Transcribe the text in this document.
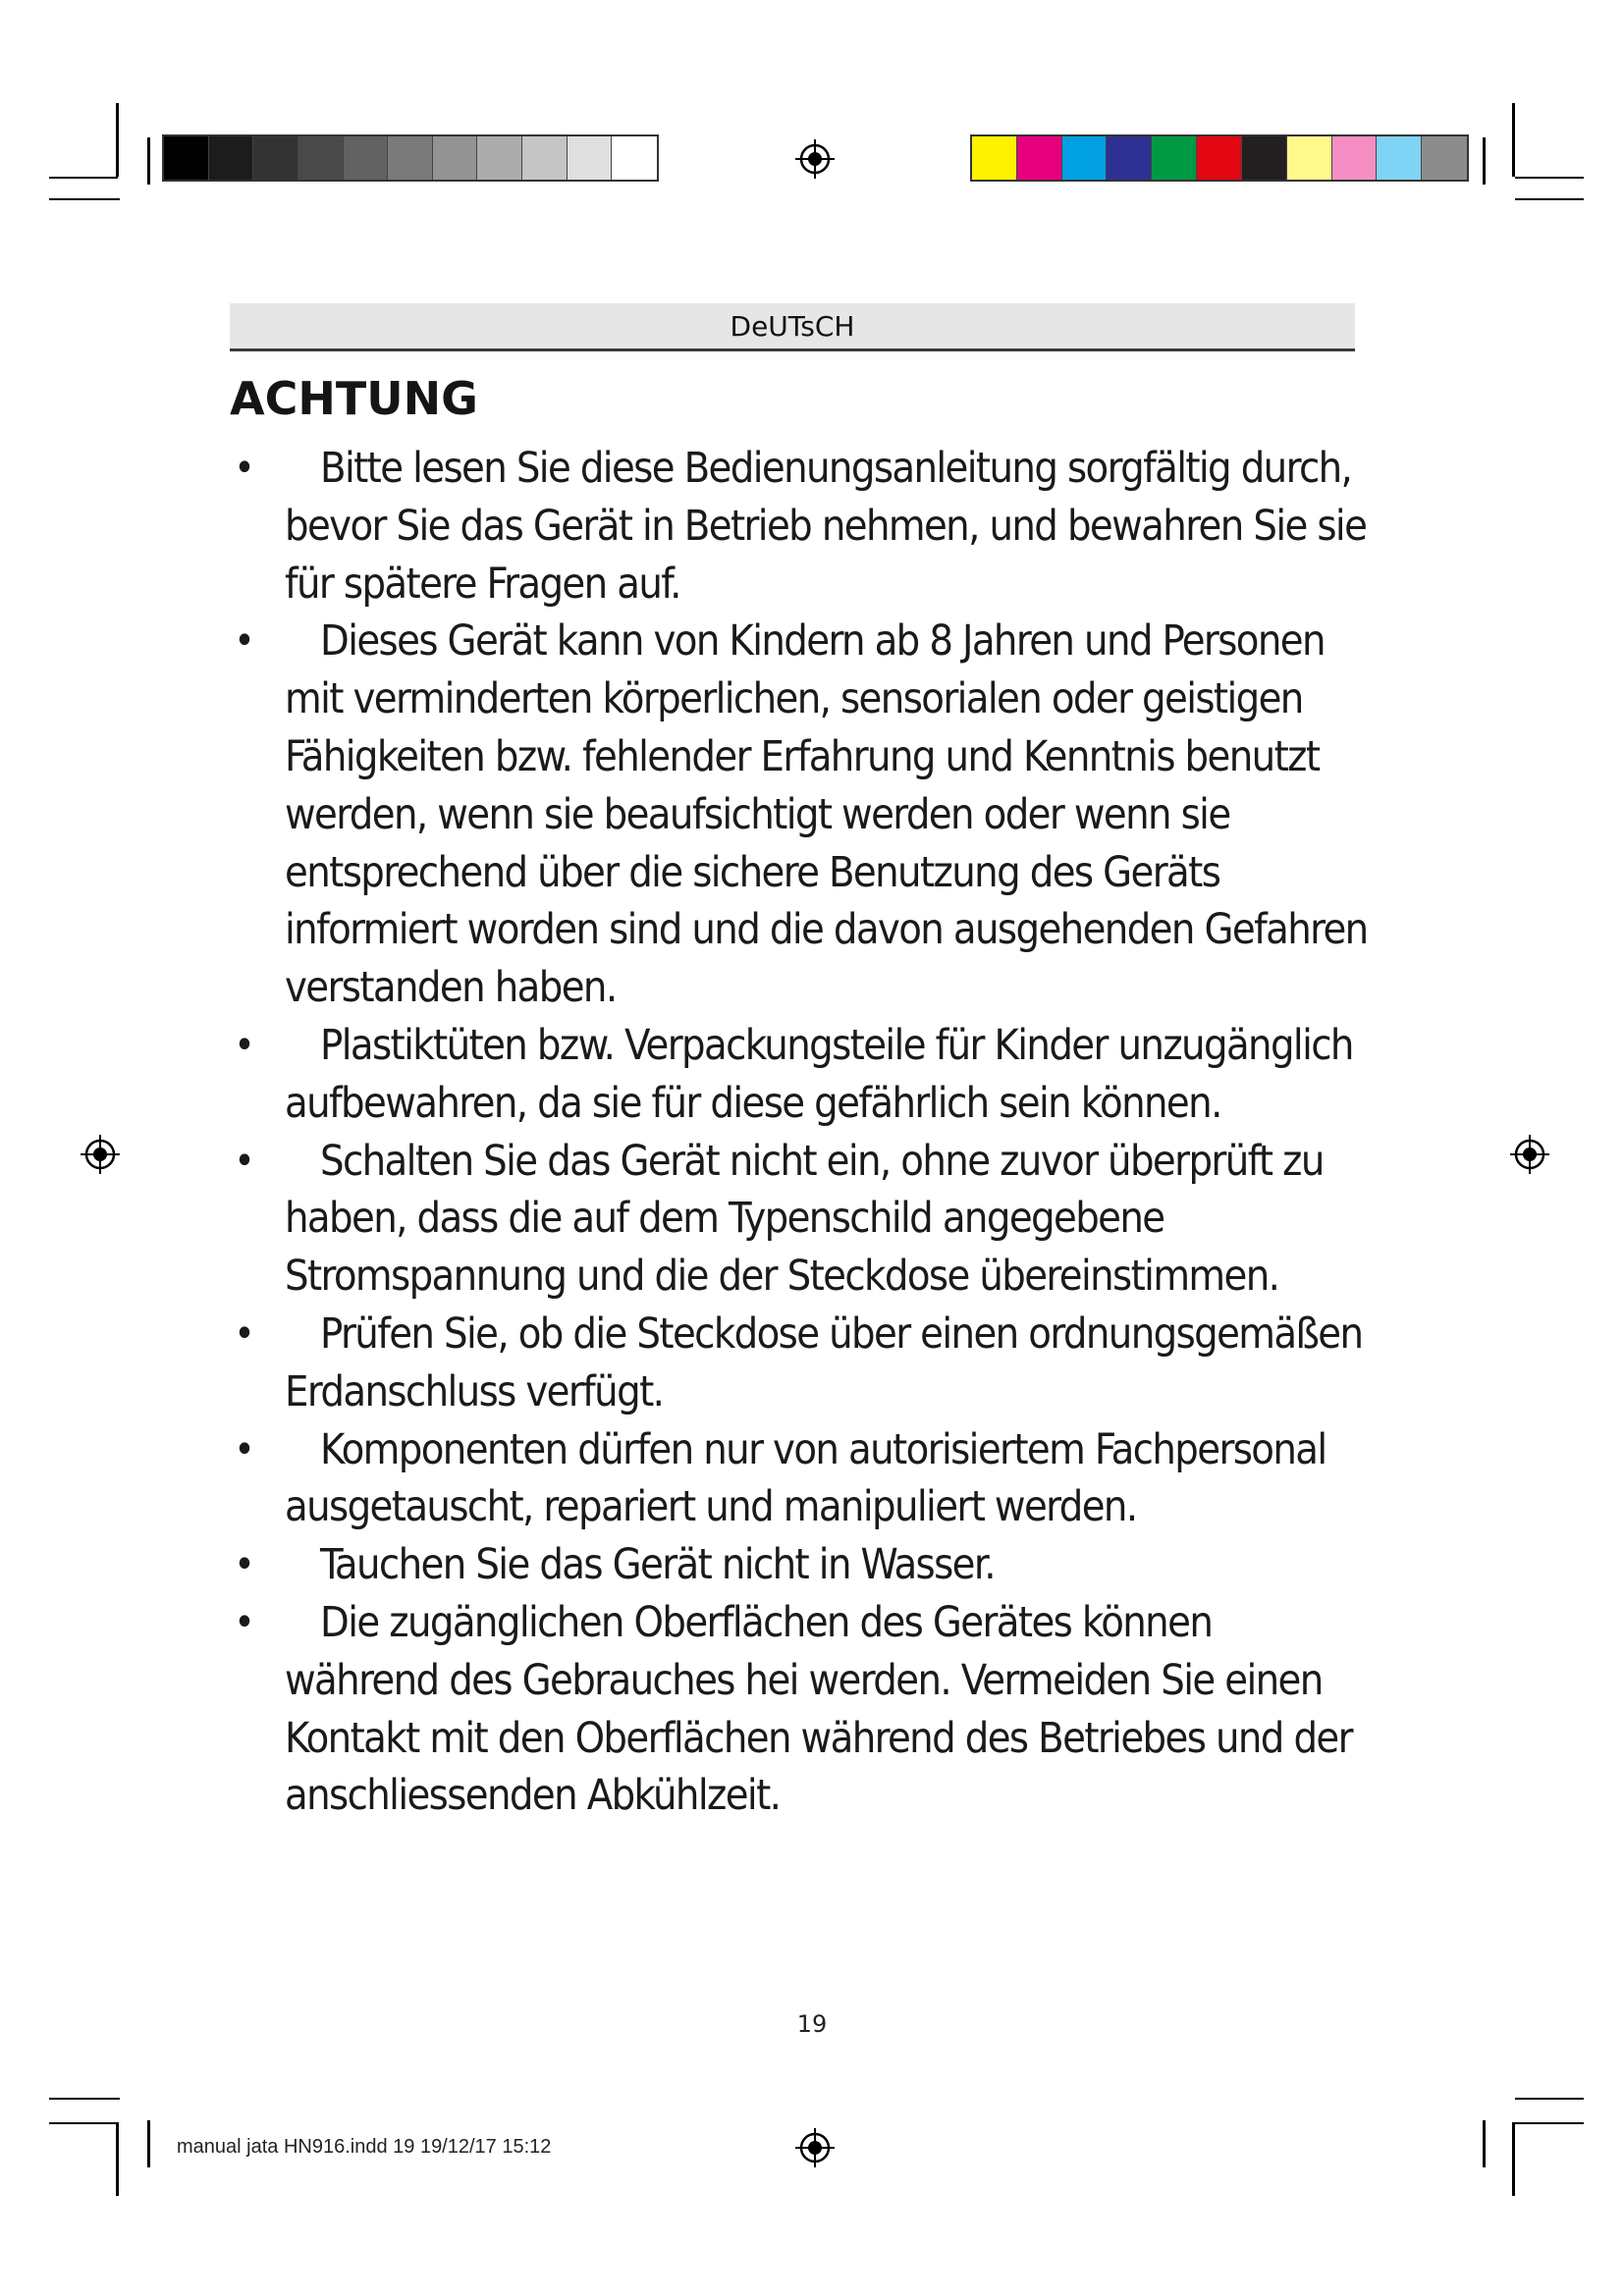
DeUTsCH
ACHTUNG
•	Bitte lesen Sie diese Bedienungsanleitung sorgfältig durch, bevor Sie das Gerät in Betrieb nehmen, und bewahren Sie sie für spätere Fragen auf.
•	Dieses Gerät kann von Kindern ab 8 Jahren und Personen mit verminderten körperlichen, sensorialen oder geistigen Fähigkeiten bzw. fehlender Erfahrung und Kenntnis benutzt werden, wenn sie beaufsichtigt werden oder wenn sie entsprechend über die sichere Benutzung des Geräts informiert worden sind und die davon ausgehenden Gefahren verstanden haben.
•	Plastiktüten bzw. Verpackungsteile für Kinder unzugänglich aufbewahren, da sie für diese gefährlich sein können.
•	Schalten Sie das Gerät nicht ein, ohne zuvor überprüft zu haben, dass die auf dem Typenschild angegebene Stromspannung und die der Steckdose übereinstimmen.
•	Prüfen Sie, ob die Steckdose über einen ordnungsgemäßen Erdanschluss verfügt.
•	Komponenten dürfen nur von autorisiertem Fachpersonal ausgetauscht, repariert und manipuliert werden.
•	Tauchen Sie das Gerät nicht in Wasser.
•	Die zugänglichen Oberflächen des Gerätes können während des Gebrauches hei werden. Vermeiden Sie einen Kontakt mit den Oberflächen während des Betriebes und der anschliessenden Abkühlzeit.
19
manual jata HN916.indd 19 19/12/17 15:12
